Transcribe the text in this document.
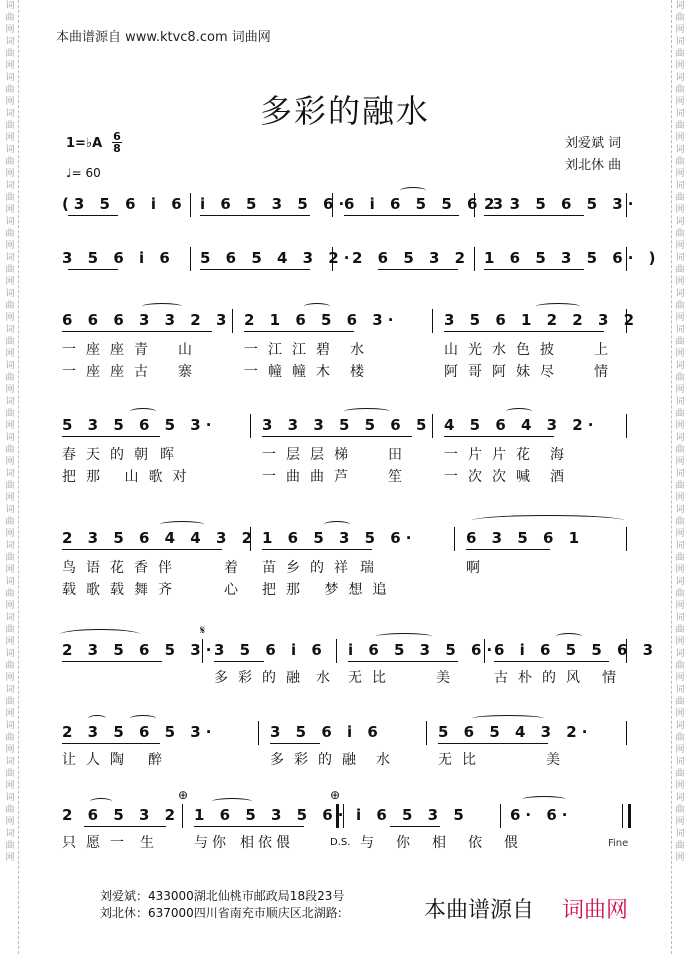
词曲网
词曲网
词曲网
词曲网
词曲网
词曲网
词曲网
词曲网
词曲网
词曲网
词曲网
词曲网
词曲网
词曲网
词曲网
词曲网
词曲网
词曲网
词曲网
词曲网
词曲网
词曲网
词曲网
词曲网
词曲网
词曲网
词曲网
词曲网
词曲网
词曲网
词曲网
词曲网
词曲网
词曲网
词曲网
词曲网
词曲网
词曲网
词曲网
词曲网
词曲网
词曲网
词曲网
词曲网
词曲网
词曲网
词曲网
词曲网
本曲谱源自 www.ktvc8.com 词曲网
多彩的融水
1=♭A 6
8
♩= 60
刘爱斌 词
刘北休 曲
(3 5 6 i 6 i 6 5 3 5 6·
6 i 6 5 5 6 3
2 3 5 6 5 3·
3 5 6 i 6 5 6 5 4 3 2·
2 6 5 3 2 1 6 5 3 5 6· )
6 6 6 3 3 2 3 2 1 6 5 6 3·	3 5 6 1 2 2 3 2
一座座青 山	一江江碧 水	山光水色披 上
一座座古 寨	一幢幢木 楼	阿哥阿妹尽 情
5 3 5 6 5 3·	3 3 3 5 5 6 5 4 5 6 4 3 2·
春天的朝 晖	一层层梯 田 一片片花 海
把那 山歌对	一曲曲芦 笙 一次次喊 酒
2 3 5 6 4 4 3 2 1 6 5 3 5 6·	6 3 5 6 1
鸟语花香伴	着 苗乡的祥 瑞	啊
载歌载舞齐	心 把那 梦想追
𝄋
2 3 5 6 5 3·
3 5 6 i 6 i 6 5 3 5 6·
6 i 6 5 5 6 3
多彩的融 水 无比	美 古朴的风 情
2 3 5 6 5 3·	3 5 6 i 6	5 6 5 4 3 2·
让人陶 醉	多彩的融 水	无比	美
⊕	⊕
2 6 5 3 2 1 6 5 3 5 6· i 6 5 3 5	6· 6·
只愿一 生 与你 相依偎	D.S. 与你相依偎	Fine
刘爱斌：433000湖北仙桃市邮政局18段23号
刘北休：637000四川省南充市顺庆区北湖路:	本曲谱源自 词曲网
